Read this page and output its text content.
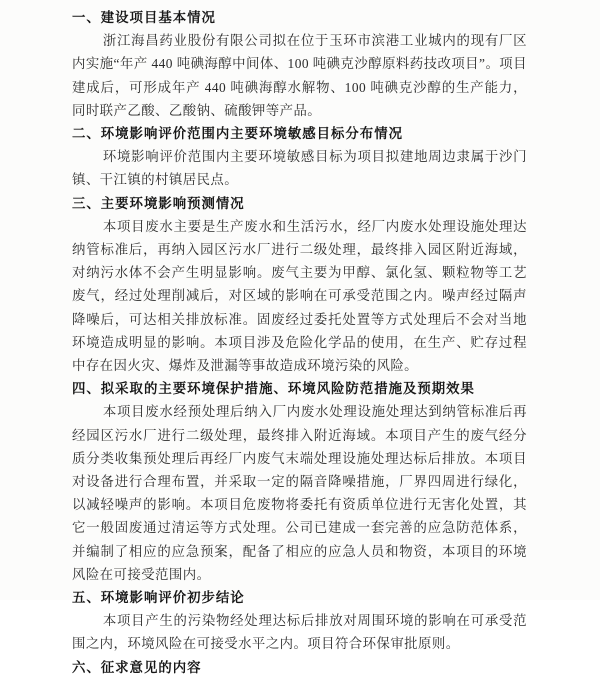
一、建设项目基本情况

浙江海昌药业股份有限公司拟在位于玉环市滨港工业城内的现有厂区内实施“年产 440 吨碘海醇中间体、100 吨碘克沙醇原料药技改项目”。项目建成后，可形成年产 440 吨碘海醇水解物、100 吨碘克沙醇的生产能力，同时联产乙酸、乙酸钠、硫酸钾等产品。

二、环境影响评价范围内主要环境敏感目标分布情况

环境影响评价范围内主要环境敏感目标为项目拟建地周边隶属于沙门镇、干江镇的村镇居民点。

三、主要环境影响预测情况

本项目废水主要是生产废水和生活污水，经厂内废水处理设施处理达纳管标准后，再纳入园区污水厂进行二级处理，最终排入园区附近海域，对纳污水体不会产生明显影响。废气主要为甲醇、氯化氢、颗粒物等工艺废气，经过处理削减后，对区域的影响在可承受范围之内。噪声经过隔声降噪后，可达相关排放标准。固废经过委托处置等方式处理后不会对当地环境造成明显的影响。本项目涉及危险化学品的使用，在生产、贮存过程中存在因火灾、爆炸及泄漏等事故造成环境污染的风险。

四、拟采取的主要环境保护措施、环境风险防范措施及预期效果

本项目废水经预处理后纳入厂内废水处理设施处理达到纳管标准后再经园区污水厂进行二级处理，最终排入附近海域。本项目产生的废气经分质分类收集预处理后再经厂内废气末端处理设施处理达标后排放。本项目对设备进行合理布置，并采取一定的隔音降噪措施，厂界四周进行绿化，以减轻噪声的影响。本项目危废物将委托有资质单位进行无害化处置，其它一般固废通过清运等方式处理。公司已建成一套完善的应急防范体系，并编制了相应的应急预案，配备了相应的应急人员和物资，本项目的环境风险在可接受范围内。

五、环境影响评价初步结论

本项目产生的污染物经处理达标后排放对周围环境的影响在可承受范围之内，环境风险在可接受水平之内。项目符合环保审批原则。

六、征求意见的内容
